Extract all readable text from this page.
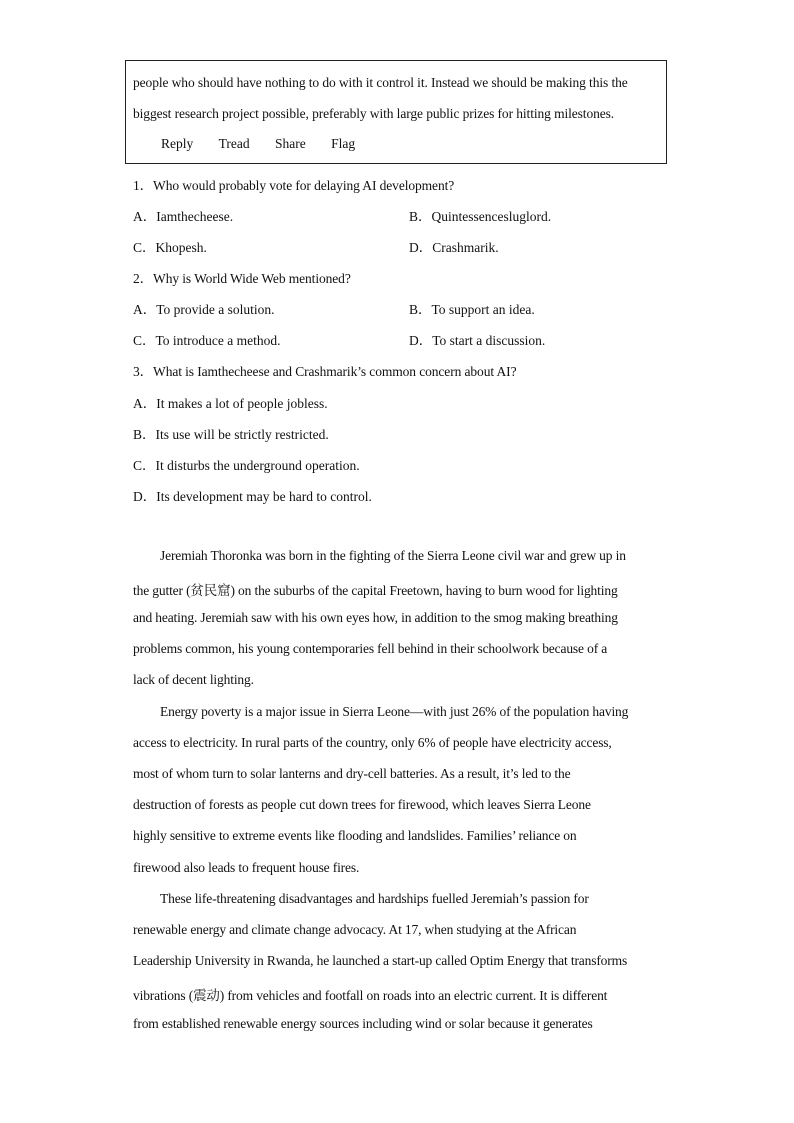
people who should have nothing to do with it control it. Instead we should be making this the
biggest research project possible, preferably with large public prizes for hitting milestones.
Reply Tread Share Flag
1．Who would probably vote for delaying AI development?
A．Iamthecheese.	B．Quintessencesluglord.
C．Khopesh.	D．Crashmarik.
2．Why is World Wide Web mentioned?
A．To provide a solution.	B．To support an idea.
C．To introduce a method.	D．To start a discussion.
3．What is Iamthecheese and Crashmarik’s common concern about AI?
A．It makes a lot of people jobless.
B．Its use will be strictly restricted.
C．It disturbs the underground operation.
D．Its development may be hard to control.
Jeremiah Thoronka was born in the fighting of the Sierra Leone civil war and grew up in
the gutter (贫民窟) on the suburbs of the capital Freetown, having to burn wood for lighting
and heating. Jeremiah saw with his own eyes how, in addition to the smog making breathing
problems common, his young contemporaries fell behind in their schoolwork because of a
lack of decent lighting.
Energy poverty is a major issue in Sierra Leone—with just 26% of the population having
access to electricity. In rural parts of the country, only 6% of people have electricity access,
most of whom turn to solar lanterns and dry-cell batteries. As a result, it’s led to the
destruction of forests as people cut down trees for firewood, which leaves Sierra Leone
highly sensitive to extreme events like flooding and landslides. Families’ reliance on
firewood also leads to frequent house fires.
These life-threatening disadvantages and hardships fuelled Jeremiah’s passion for
renewable energy and climate change advocacy. At 17, when studying at the African
Leadership University in Rwanda, he launched a start-up called Optim Energy that transforms
vibrations (震动) from vehicles and footfall on roads into an electric current. It is different
from established renewable energy sources including wind or solar because it generates
